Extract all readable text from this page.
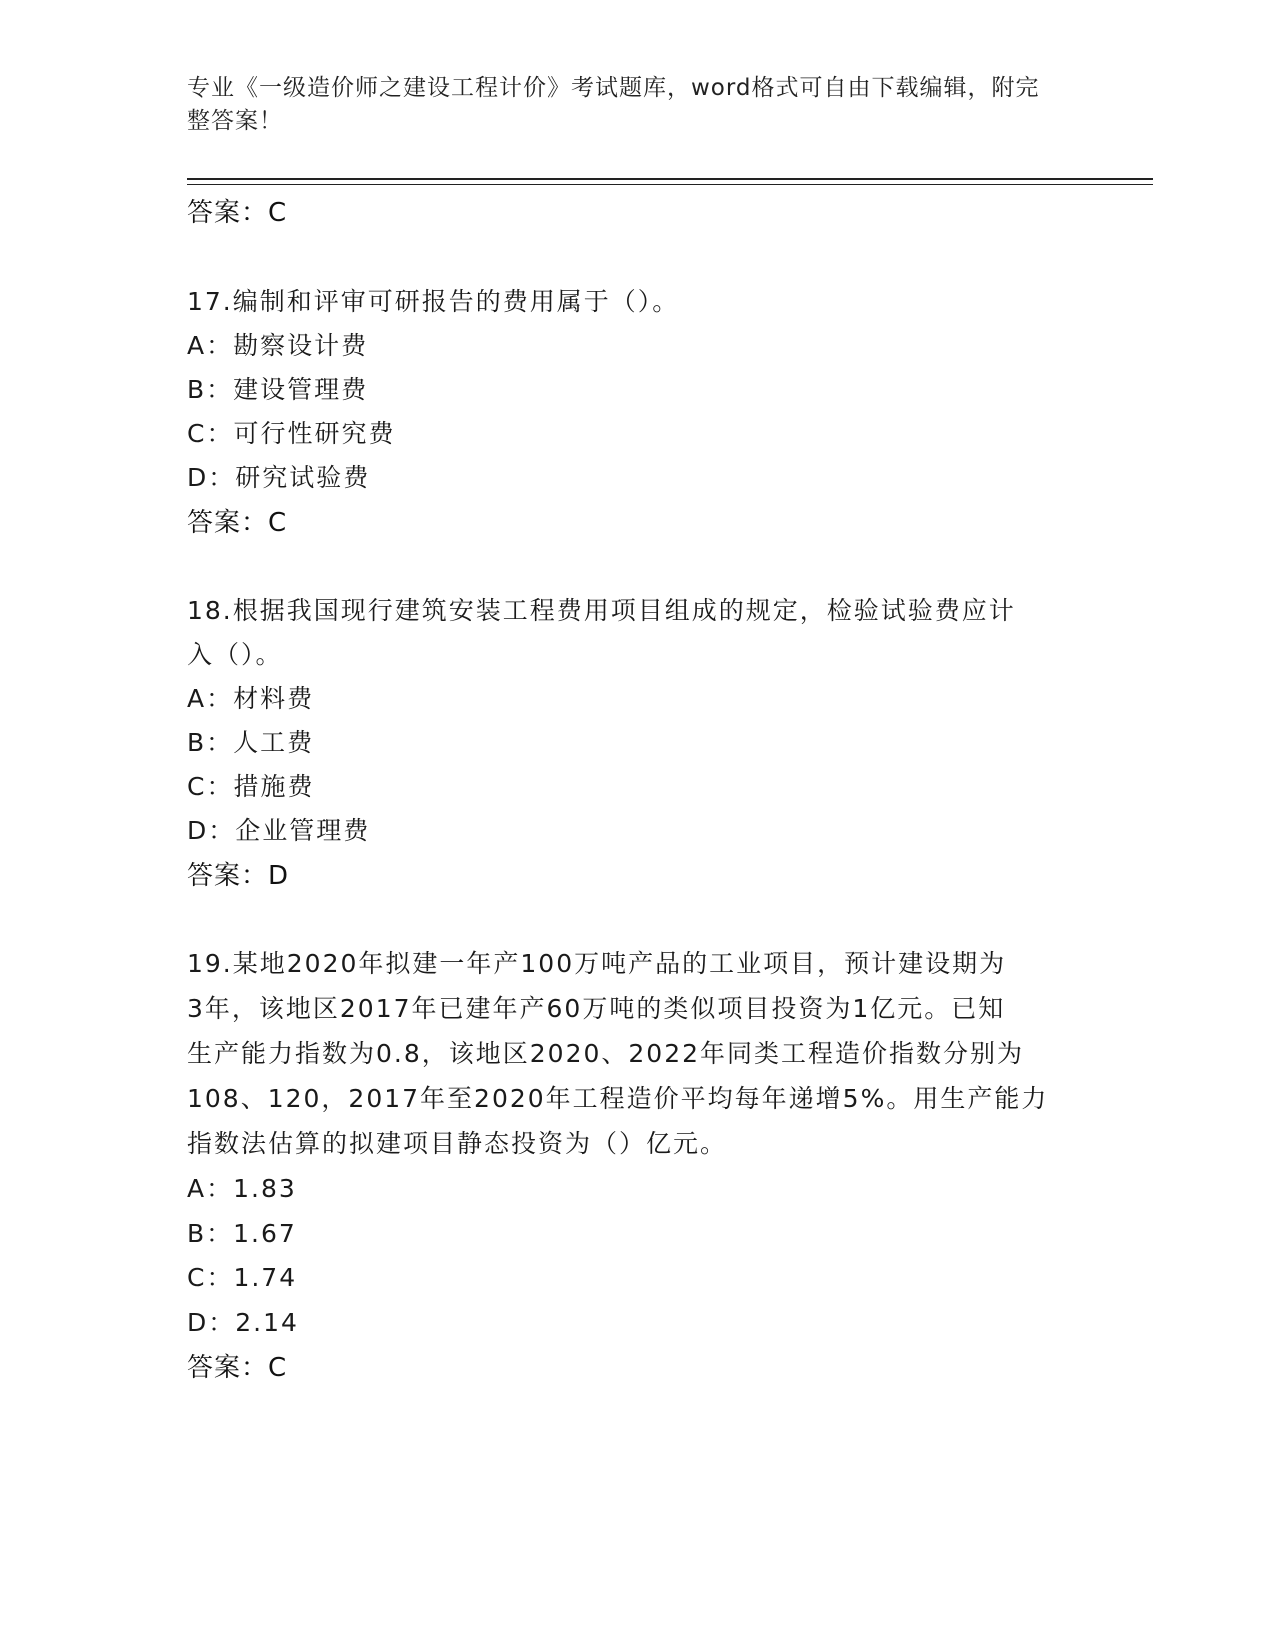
专业《一级造价师之建设工程计价》考试题库，word格式可自由下载编辑，附完
整答案！
答案：C
17.编制和评审可研报告的费用属于（）。
A：勘察设计费
B：建设管理费
C：可行性研究费
D：研究试验费
答案：C
18.根据我国现行建筑安装工程费用项目组成的规定，检验试验费应计
入（）。
A：材料费
B：人工费
C：措施费
D：企业管理费
答案：D
19.某地2020年拟建一年产100万吨产品的工业项目，预计建设期为
3年，该地区2017年已建年产60万吨的类似项目投资为1亿元。已知
生产能力指数为0.8，该地区2020、2022年同类工程造价指数分别为
108、120，2017年至2020年工程造价平均每年递增5%。用生产能力
指数法估算的拟建项目静态投资为（）亿元。
A：1.83
B：1.67
C：1.74
D：2.14
答案：C
